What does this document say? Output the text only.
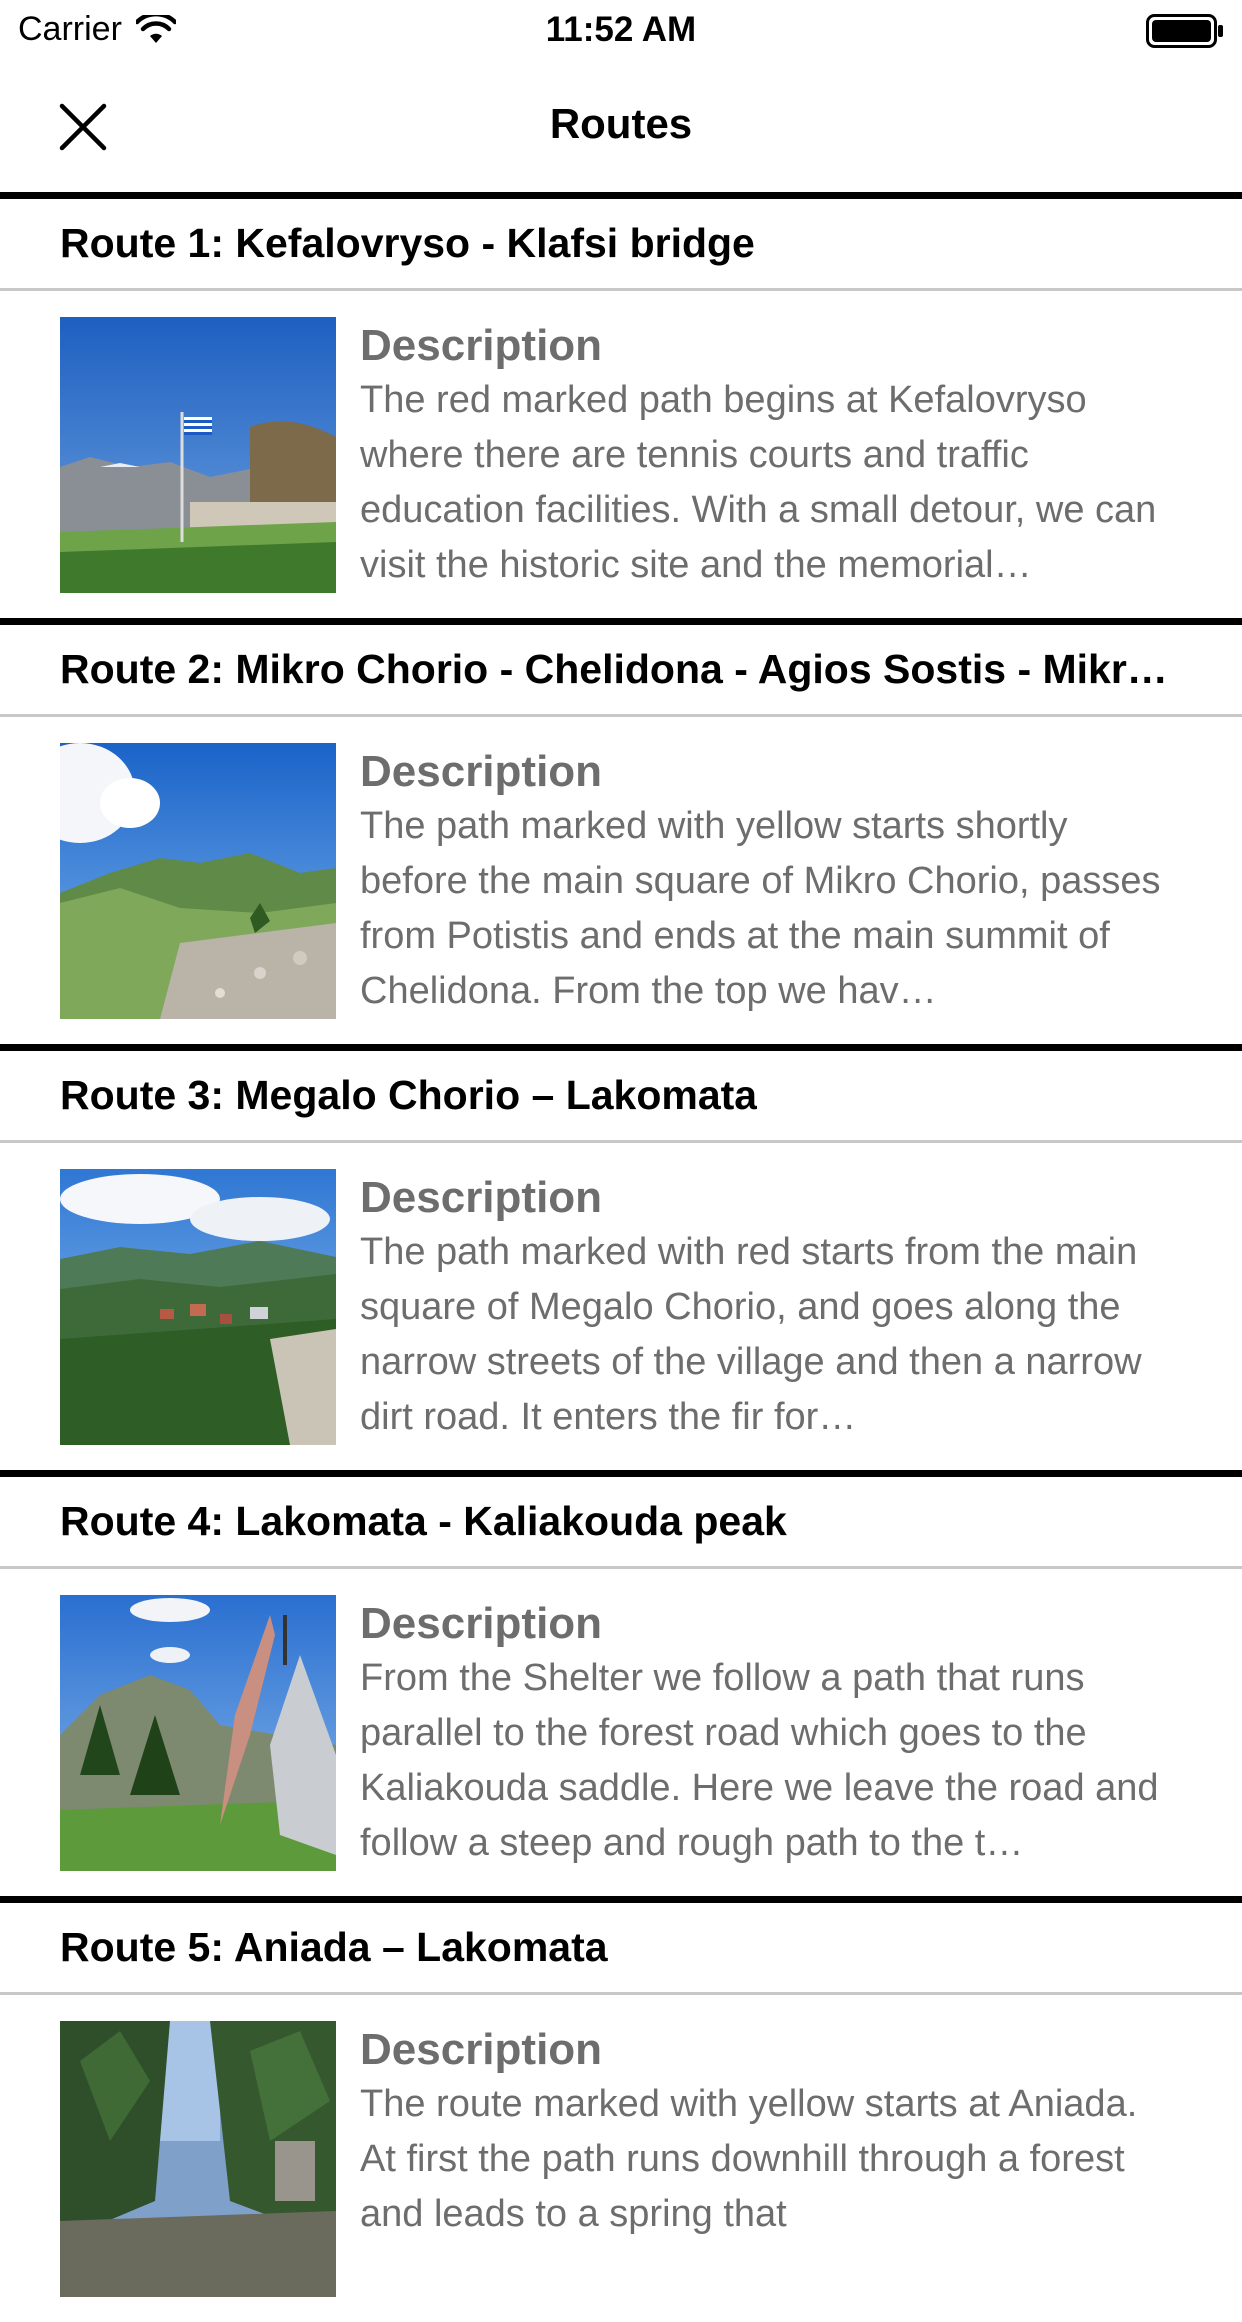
Carrier	11:52 AM
Routes
Route 1: Kefalovryso - Klafsi bridge
Description
The red marked path begins at Kefalovryso where there are tennis courts and traffic education facilities. With a small detour, we can visit the historic site and the memorial…
Route 2: Mikro Chorio - Chelidona - Agios Sostis - Mikr…
Description
The path marked with yellow starts shortly before the main square of Mikro Chorio, passes from Potistis and ends at the main summit of Chelidona. From the top we hav…
Route 3: Megalo Chorio – Lakomata
Description
The path marked with red starts from the main square of Megalo Chorio, and goes along the narrow streets of the village and then a narrow dirt road. It enters the fir for…
Route 4: Lakomata - Kaliakouda peak
Description
From the Shelter we follow a path that runs parallel to the forest road which goes to the Kaliakouda saddle. Here we leave the road and follow a steep and rough path to the t…
Route 5: Aniada – Lakomata
Description
The route marked with yellow starts at Aniada. At first the path runs downhill through a forest and leads to a spring that
